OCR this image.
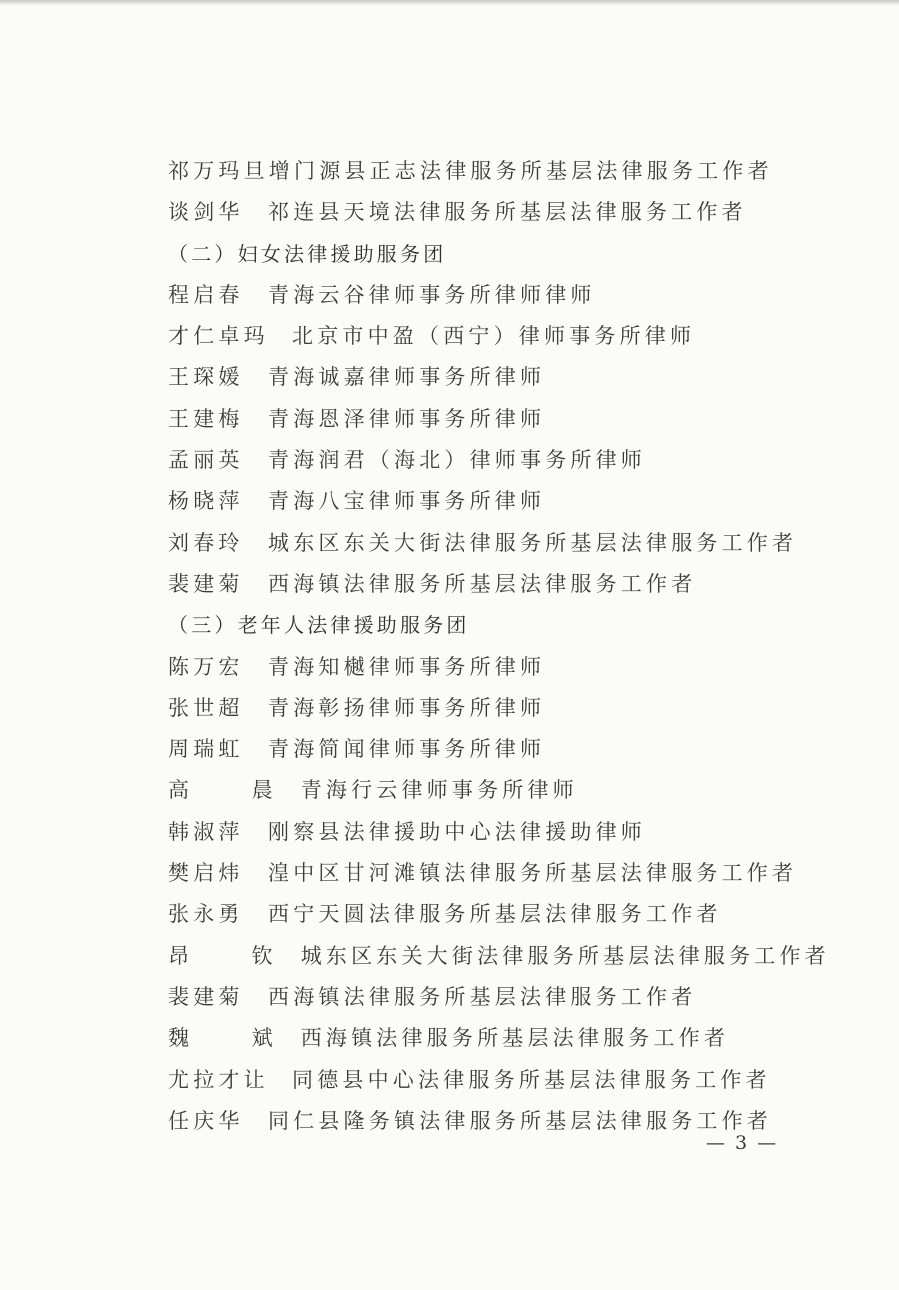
祁万玛旦增门源县正志法律服务所基层法律服务工作者
谈剑华 祁连县天境法律服务所基层法律服务工作者
（二）妇女法律援助服务团
程启春 青海云谷律师事务所律师律师
才仁卓玛 北京市中盈（西宁）律师事务所律师
王琛媛 青海诚嘉律师事务所律师
王建梅 青海恩泽律师事务所律师
孟丽英 青海润君（海北）律师事务所律师
杨晓萍 青海八宝律师事务所律师
刘春玲 城东区东关大街法律服务所基层法律服务工作者
裴建菊 西海镇法律服务所基层法律服务工作者
（三）老年人法律援助服务团
陈万宏 青海知樾律师事务所律师
张世超 青海彰扬律师事务所律师
周瑞虹 青海简闻律师事务所律师
高 晨青海行云律师事务所律师
韩淑萍 刚察县法律援助中心法律援助律师
樊启炜 湟中区甘河滩镇法律服务所基层法律服务工作者
张永勇 西宁天圆法律服务所基层法律服务工作者
昂 钦城东区东关大街法律服务所基层法律服务工作者
裴建菊 西海镇法律服务所基层法律服务工作者
魏 斌西海镇法律服务所基层法律服务工作者
尤拉才让 同德县中心法律服务所基层法律服务工作者
任庆华 同仁县隆务镇法律服务所基层法律服务工作者
— 3 —
